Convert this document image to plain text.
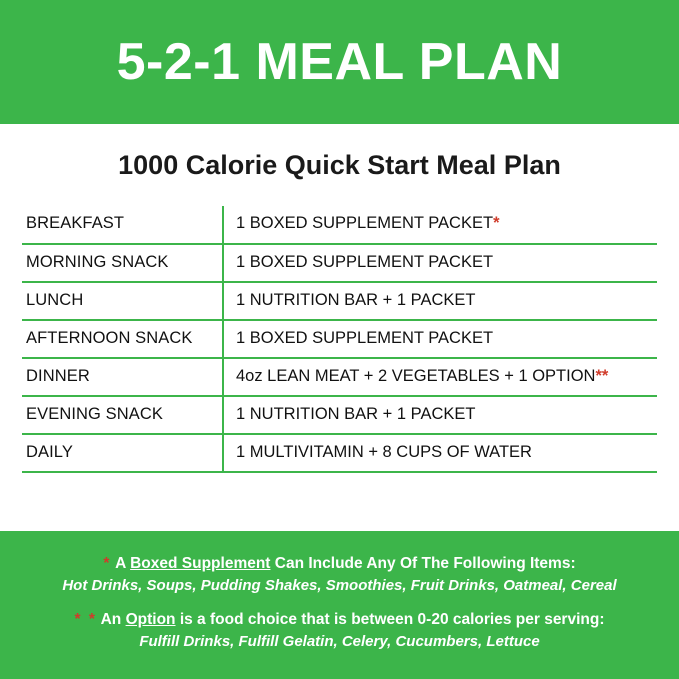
5-2-1 MEAL PLAN
1000 Calorie Quick Start Meal Plan
BREAKFAST	1 BOXED SUPPLEMENT PACKET*
MORNING SNACK	1 BOXED SUPPLEMENT PACKET
LUNCH	1 NUTRITION BAR + 1 PACKET
AFTERNOON SNACK	1 BOXED SUPPLEMENT PACKET
DINNER	4oz LEAN MEAT + 2 VEGETABLES + 1 OPTION**
EVENING SNACK	1 NUTRITION BAR + 1 PACKET
DAILY	1 MULTIVITAMIN + 8 CUPS OF WATER
* A Boxed Supplement Can Include Any Of The Following Items:
Hot Drinks, Soups, Pudding Shakes, Smoothies, Fruit Drinks, Oatmeal, Cereal
* * An Option is a food choice that is between 0-20 calories per serving:
Fulfill Drinks, Fulfill Gelatin, Celery, Cucumbers, Lettuce
